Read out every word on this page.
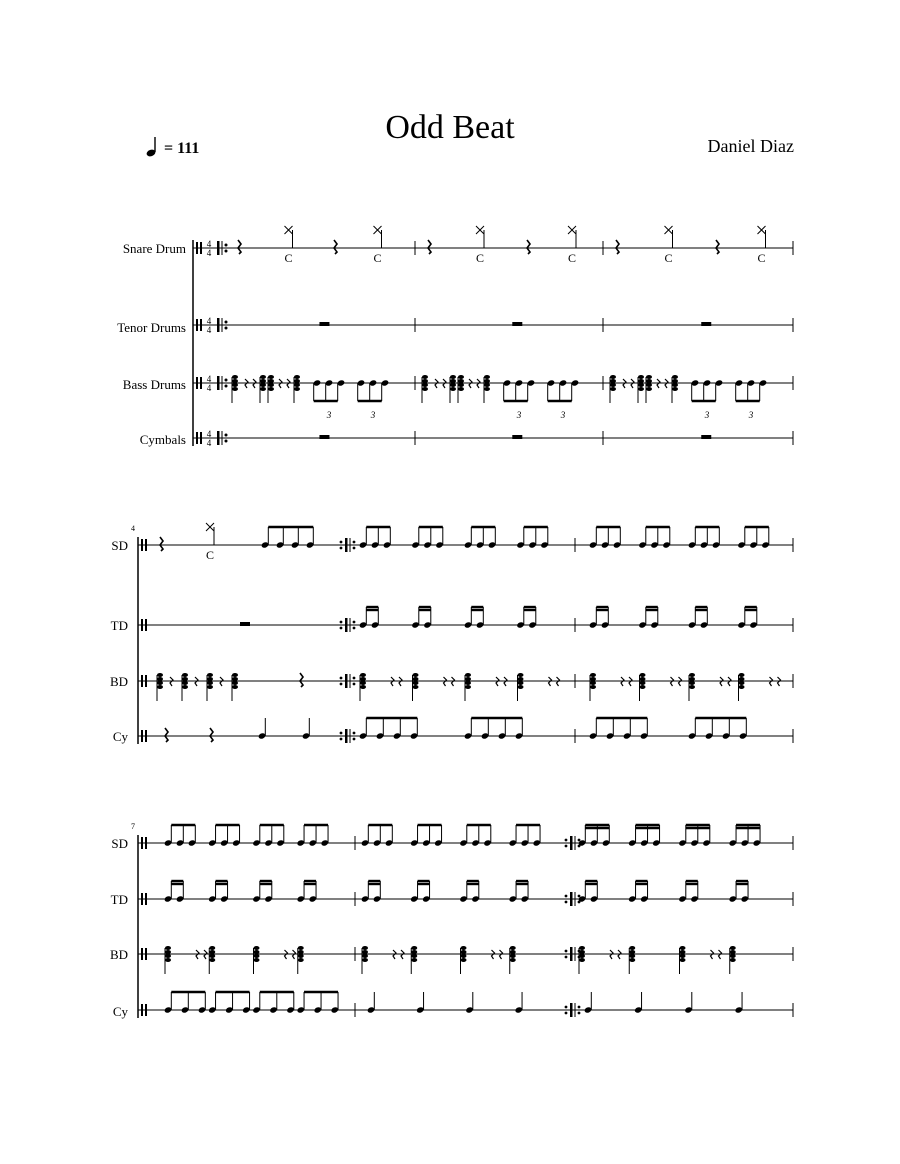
Odd Beat	Daniel Diaz
= 111
Snare Drum
Tenor Drums
Bass Drums
Cymbals
4
SD
TD
BD
Cy
7
SD
TD
BD
Cy
4
4
4
4
4
4
4
4
C	C
3	3
C	C
3	3
C	C
3	3
C
